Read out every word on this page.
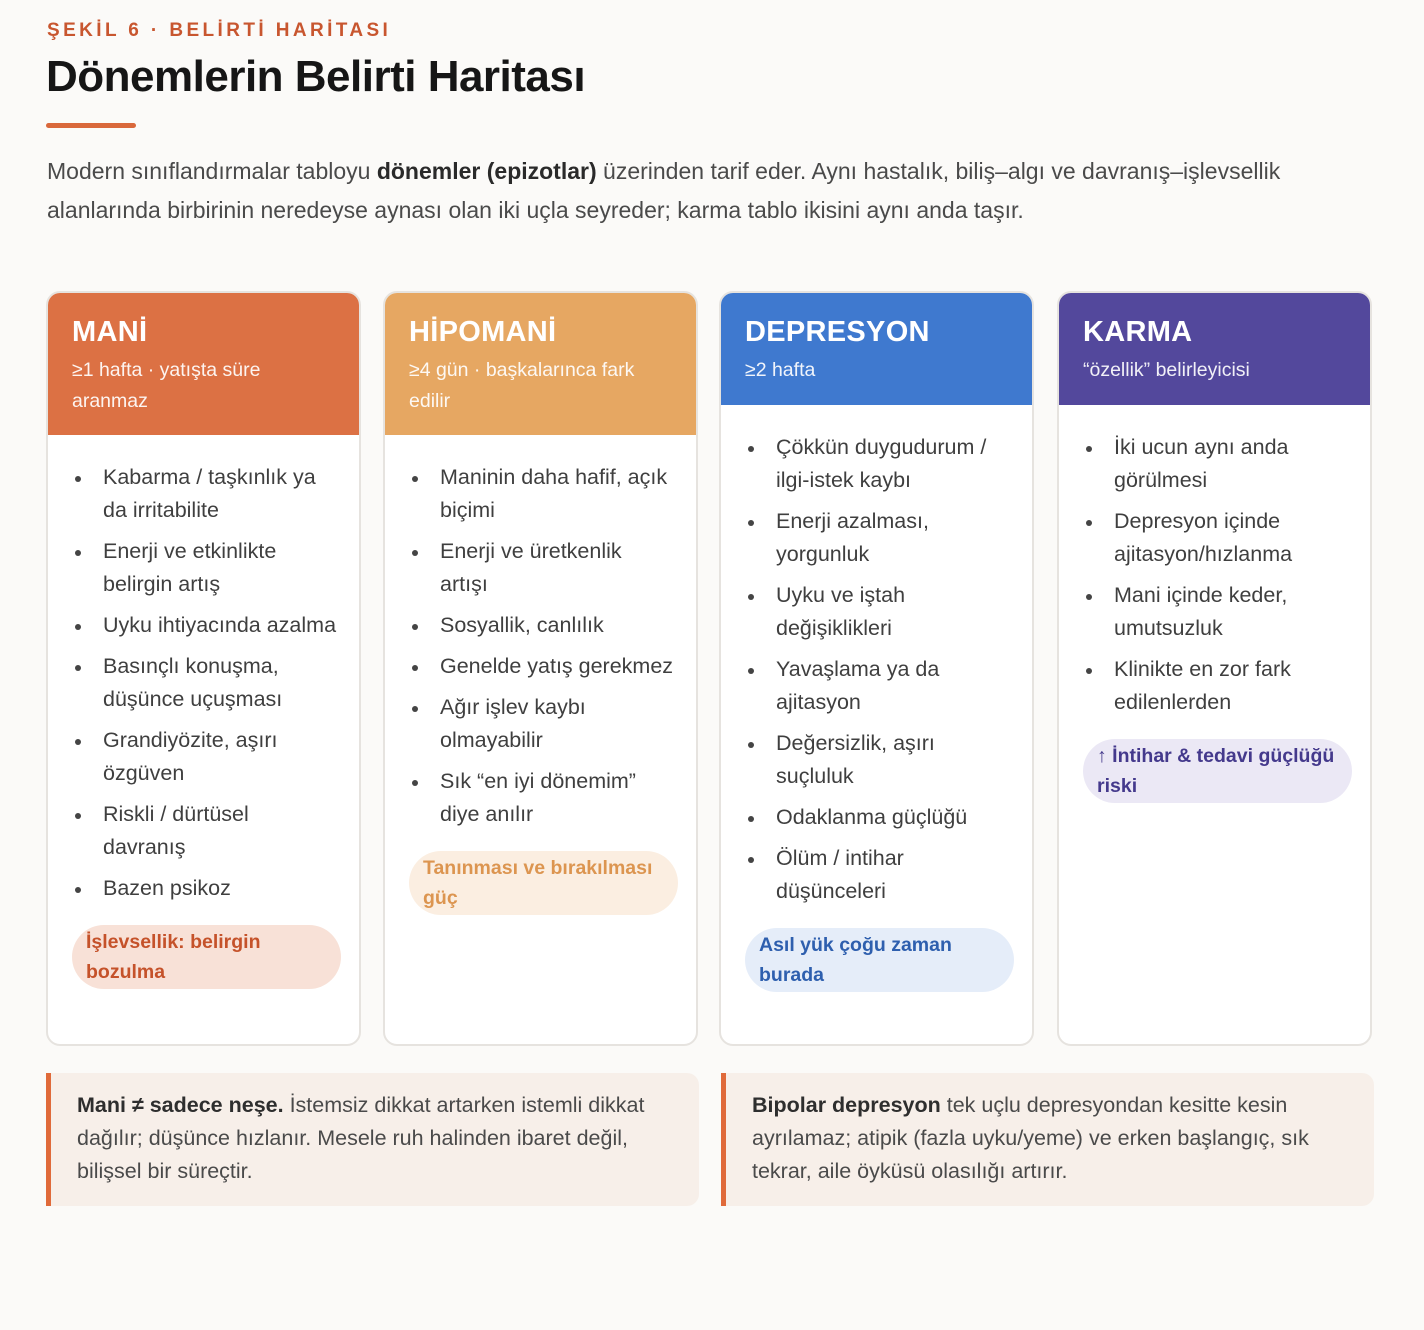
ŞEKİL 6 · BELİRTİ HARİTASI
Dönemlerin Belirti Haritası

Modern sınıflandırmalar tabloyu dönemler (epizotlar) üzerinden tarif eder. Aynı hastalık, biliş–algı ve davranış–işlevsellik alanlarında birbirinin neredeyse aynası olan iki uçla seyreder; karma tablo ikisini aynı anda taşır.

MANİ
≥1 hafta · yatışta süre aranmaz
Kabarma / taşkınlık ya da irritabilite
Enerji ve etkinlikte belirgin artış
Uyku ihtiyacında azalma
Basınçlı konuşma, düşünce uçuşması
Grandiyözite, aşırı özgüven
Riskli / dürtüsel davranış
Bazen psikoz
İşlevsellik: belirgin bozulma
HİPOMANİ
≥4 gün · başkalarınca fark edilir
Maninin daha hafif, açık biçimi
Enerji ve üretkenlik artışı
Sosyallik, canlılık
Genelde yatış gerekmez
Ağır işlev kaybı olmayabilir
Sık “en iyi dönemim” diye anılır
Tanınması ve bırakılması güç
DEPRESYON
≥2 hafta
Çökkün duygudurum / ilgi-istek kaybı
Enerji azalması, yorgunluk
Uyku ve iştah değişiklikleri
Yavaşlama ya da ajitasyon
Değersizlik, aşırı suçluluk
Odaklanma güçlüğü
Ölüm / intihar düşünceleri
Asıl yük çoğu zaman burada
KARMA
“özellik” belirleyicisi
İki ucun aynı anda görülmesi
Depresyon içinde ajitasyon/hızlanma
Mani içinde keder, umutsuzluk
Klinikte en zor fark edilenlerden
↑ İntihar & tedavi güçlüğü riski
Mani ≠ sadece neşe. İstemsiz dikkat artarken istemli dikkat dağılır; düşünce hızlanır. Mesele ruh halinden ibaret değil, bilişsel bir süreçtir.
Bipolar depresyon tek uçlu depresyondan kesitte kesin ayrılamaz; atipik (fazla uyku/yeme) ve erken başlangıç, sık tekrar, aile öyküsü olasılığı artırır.
